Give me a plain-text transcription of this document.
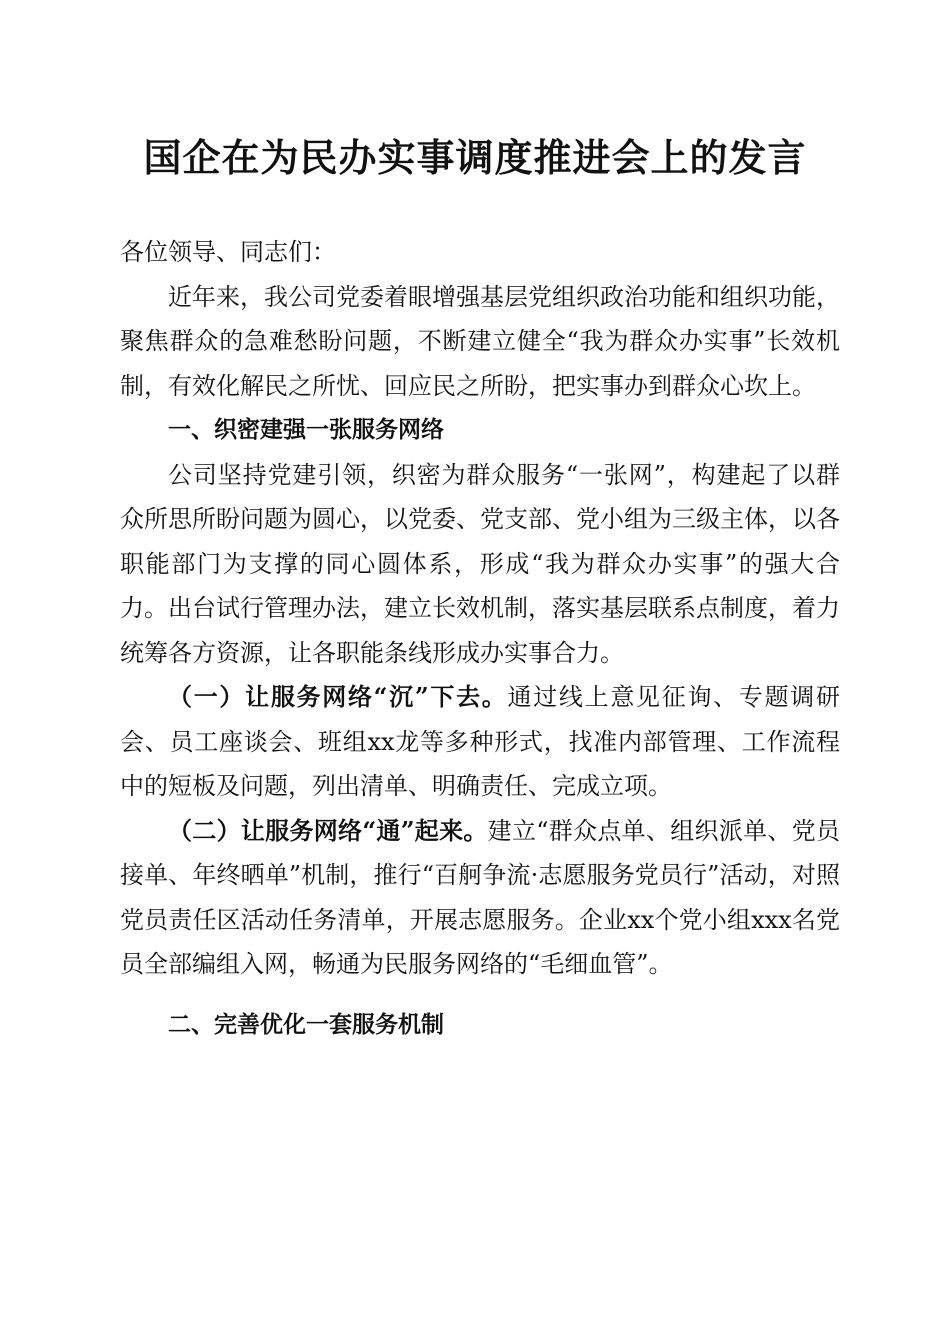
国企在为民办实事调度推进会上的发言

各位领导、同志们：

近年来，我公司党委着眼增强基层党组织政治功能和组织功能，聚焦群众的急难愁盼问题，不断建立健全“我为群众办实事”长效机制，有效化解民之所忧、回应民之所盼，把实事办到群众心坎上。

一、织密建强一张服务网络

公司坚持党建引领，织密为群众服务“一张网”，构建起了以群众所思所盼问题为圆心，以党委、党支部、党小组为三级主体，以各职能部门为支撑的同心圆体系，形成“我为群众办实事”的强大合力。出台试行管理办法，建立长效机制，落实基层联系点制度，着力统筹各方资源，让各职能条线形成办实事合力。

（一）让服务网络“沉”下去。通过线上意见征询、专题调研会、员工座谈会、班组xx龙等多种形式，找准内部管理、工作流程中的短板及问题，列出清单、明确责任、完成立项。

（二）让服务网络“通”起来。建立“群众点单、组织派单、党员接单、年终晒单”机制，推行“百舸争流·志愿服务党员行”活动，对照党员责任区活动任务清单，开展志愿服务。企业xx个党小组xxx名党员全部编组入网，畅通为民服务网络的“毛细血管”。

二、完善优化一套服务机制
